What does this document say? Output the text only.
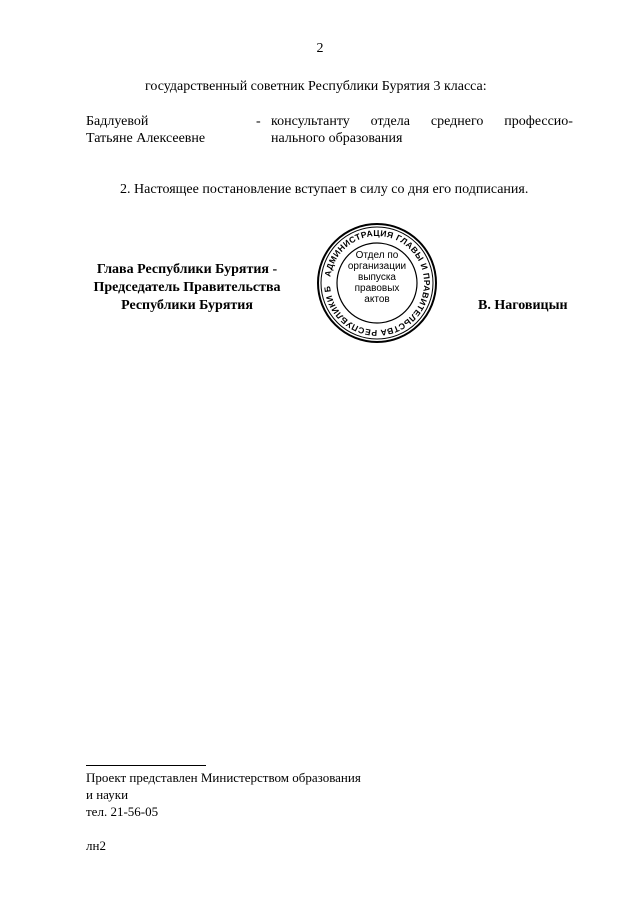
2
государственный советник Республики Бурятия 3 класса:
Бадлуевой
Татьяне Алексеевне
- консультанту отдела среднего профессио-
нального образования
2. Настоящее постановление вступает в силу со дня его подписания.
Глава Республики Бурятия -
Председатель Правительства
Республики Бурятия
АДМИНИСТРАЦИЯ ГЛАВЫ И ПРАВИТЕЛЬСТВА РЕСПУБЛИКИ Б
Отдел по
организации
выпуска
правовых
актов	В. Наговицын
Проект представлен Министерством образования
и науки
тел. 21-56-05
лн2
